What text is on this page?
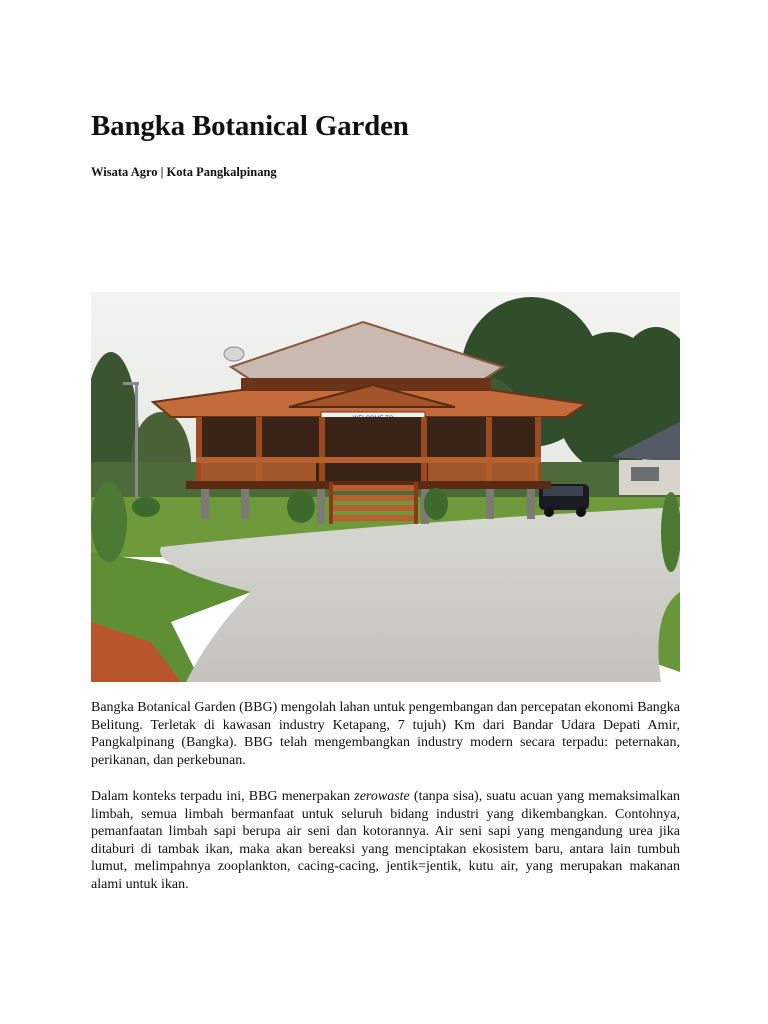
Bangka Botanical Garden

Wisata Agro | Kota Pangkalpinang

Bangka Botanical Garden (BBG) mengolah lahan untuk pengembangan dan percepatan ekonomi Bangka Belitung. Terletak di kawasan industry Ketapang, 7 tujuh) Km dari Bandar Udara Depati Amir, Pangkalpinang (Bangka). BBG telah mengembangkan industry modern secara terpadu: peternakan, perikanan, dan perkebunan.

Dalam konteks terpadu ini, BBG menerpakan zerowaste (tanpa sisa), suatu acuan yang memaksimalkan limbah, semua limbah bermanfaat untuk seluruh bidang industri yang dikembangkan. Contohnya, pemanfaatan limbah sapi berupa air seni dan kotorannya. Air seni sapi yang mengandung urea jika ditaburi di tambak ikan, maka akan bereaksi yang menciptakan ekosistem baru, antara lain tumbuh lumut, melimpahnya zooplankton, cacing-cacing, jentik=jentik, kutu air, yang merupakan makanan alami untuk ikan.
